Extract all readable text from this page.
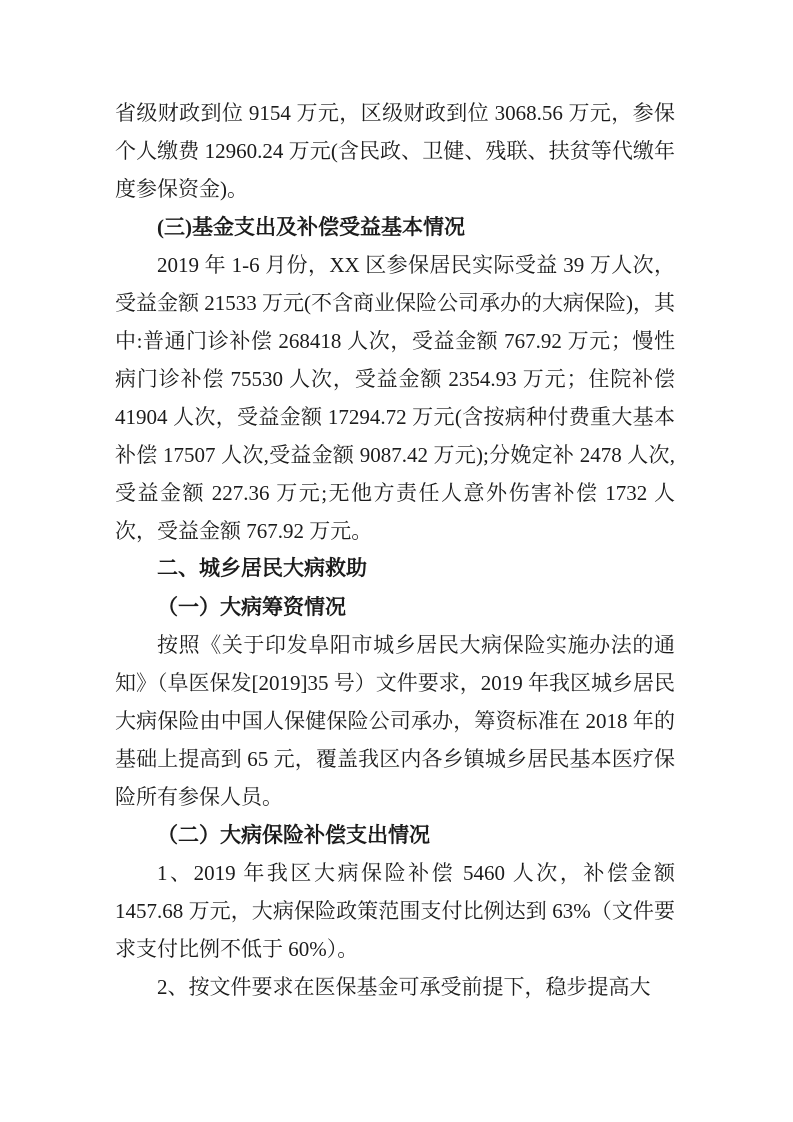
省级财政到位 9154 万元，区级财政到位 3068.56 万元，参保个人缴费 12960.24 万元(含民政、卫健、残联、扶贫等代缴年度参保资金)。

(三)基金支出及补偿受益基本情况

2019 年 1-6 月份，XX 区参保居民实际受益 39 万人次，受益金额 21533 万元(不含商业保险公司承办的大病保险)，其中:普通门诊补偿 268418 人次，受益金额 767.92 万元；慢性病门诊补偿 75530 人次，受益金额 2354.93 万元；住院补偿 41904 人次，受益金额 17294.72 万元(含按病种付费重大基本补偿 17507 人次,受益金额 9087.42 万元);分娩定补 2478 人次,受益金额 227.36 万元;无他方责任人意外伤害补偿 1732 人次，受益金额 767.92 万元。

二、城乡居民大病救助
（一）大病筹资情况

按照《关于印发阜阳市城乡居民大病保险实施办法的通知》（阜医保发[2019]35 号）文件要求，2019 年我区城乡居民大病保险由中国人保健保险公司承办，筹资标准在 2018 年的基础上提高到 65 元，覆盖我区内各乡镇城乡居民基本医疗保险所有参保人员。

（二）大病保险补偿支出情况

1、2019 年我区大病保险补偿 5460 人次，补偿金额 1457.68 万元，大病保险政策范围支付比例达到 63%（文件要求支付比例不低于 60%）。

2、按文件要求在医保基金可承受前提下，稳步提高大
